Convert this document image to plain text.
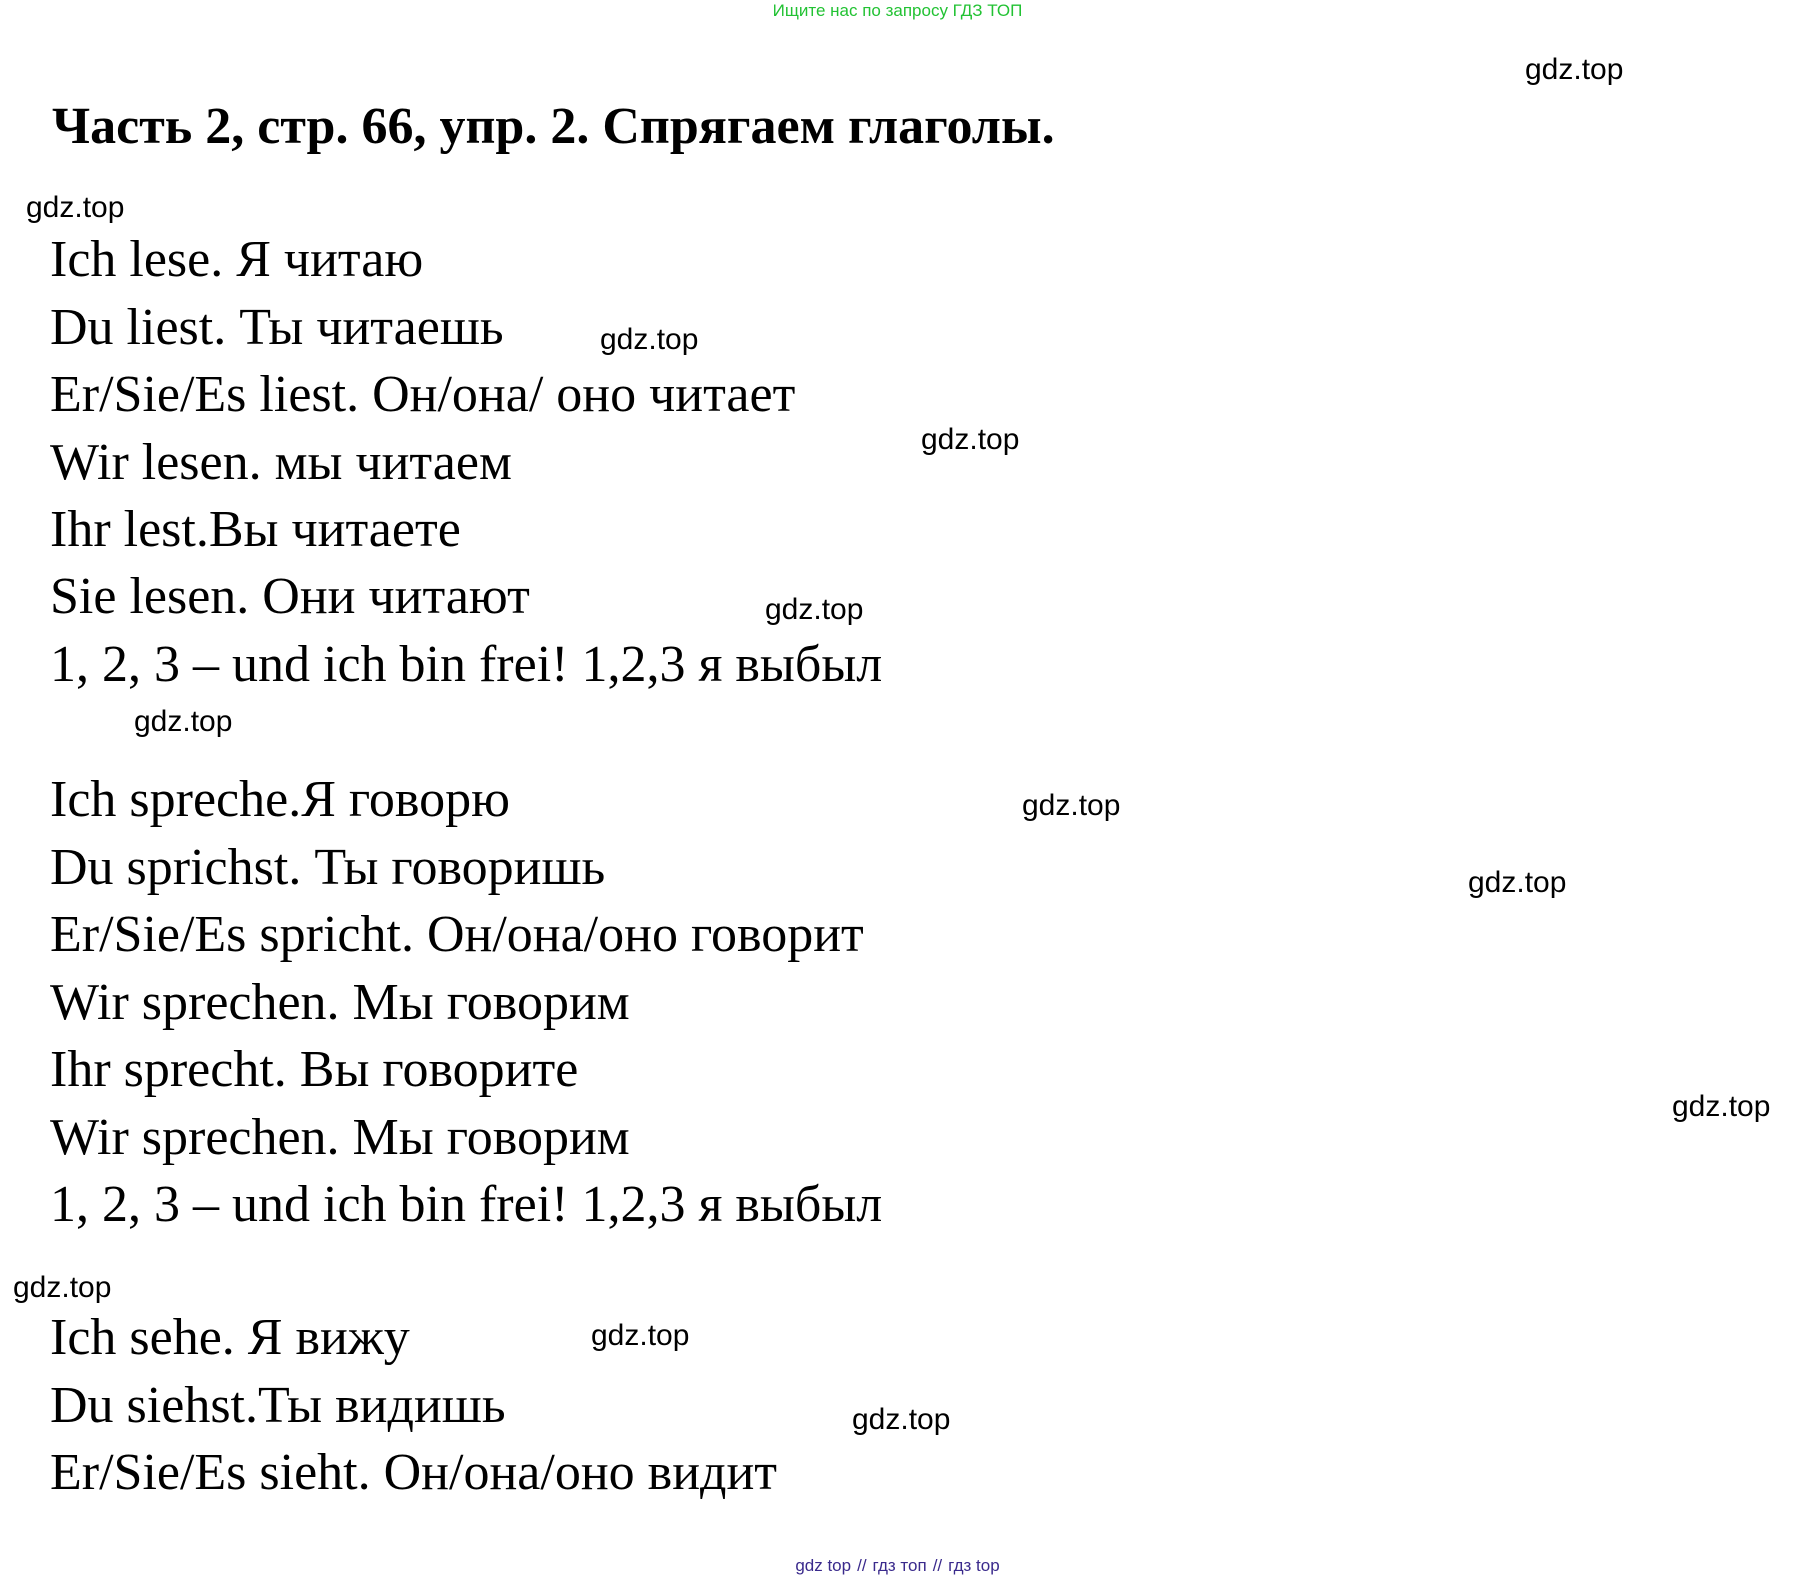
Ищите нас по запросу ГДЗ ТОП
Часть 2, стр. 66, упр. 2. Спрягаем глаголы.
Ich lese. Я читаю
Du liest. Ты читаешь
Er/Sie/Es liest. Он/она/ оно читает
Wir lesen. мы читаем
Ihr lest.Вы читаете
Sie lesen. Они читают
1, 2, 3 – und ich bin frei! 1,2,3 я выбыл
Ich spreche.Я говорю
Du sprichst. Ты говоришь
Er/Sie/Es spricht. Он/она/оно говорит
Wir sprechen. Мы говорим
Ihr sprecht. Вы говорите
Wir sprechen. Мы говорим
1, 2, 3 – und ich bin frei! 1,2,3 я выбыл
Ich sehe. Я вижу
Du siehst.Ты видишь
Er/Sie/Es sieht. Он/она/оно видит
gdz.top
gdz.top
gdz.top
gdz.top
gdz.top
gdz.top
gdz.top
gdz.top
gdz.top
gdz.top
gdz.top
gdz.top
gdz top // гдз топ // гдз top
